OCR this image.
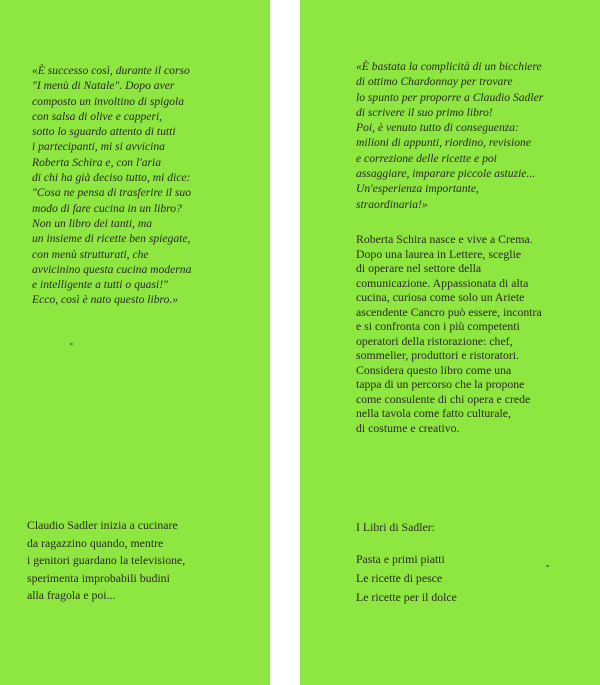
«È successo così, durante il corso
"I menù di Natale". Dopo aver
composto un involtino di spigola
con salsa di olive e capperi,
sotto lo sguardo attento di tutti
i partecipanti, mi si avvicina
Roberta Schira e, con l'aria
di chi ha già deciso tutto, mi dice:
"Cosa ne pensa di trasferire il suo
modo di fare cucina in un libro?
Non un libro dei tanti, ma
un insieme di ricette ben spiegate,
con menù strutturati, che
avvicinino questa cucina moderna
e intelligente a tutti o quasi!"
Ecco, così è nato questo libro.»
Claudio Sadler inizia a cucinare
da ragazzino quando, mentre
i genitori guardano la televisione,
sperimenta improbabili budini
alla fragola e poi...
«È bastata la complicità di un bicchiere
di ottimo Chardonnay per trovare
lo spunto per proporre a Claudio Sadler
di scrivere il suo primo libro!
Poi, è venuto tutto di conseguenza:
milioni di appunti, riordino, revisione
e correzione delle ricette e poi
assaggiare, imparare piccole astuzie...
Un'esperienza importante,
straordinaria!»
Roberta Schira nasce e vive a Crema.
Dopo una laurea in Lettere, sceglie
di operare nel settore della
comunicazione. Appassionata di alta
cucina, curiosa come solo un Ariete
ascendente Cancro può essere, incontra
e si confronta con i più competenti
operatori della ristorazione: chef,
sommelier, produttori e ristoratori.
Considera questo libro come una
tappa di un percorso che la propone
come consulente di chi opera e crede
nella tavola come fatto culturale,
di costume e creativo.
I Libri di Sadler:
Pasta e primi piatti
Le ricette di pesce
Le ricette per il dolce
